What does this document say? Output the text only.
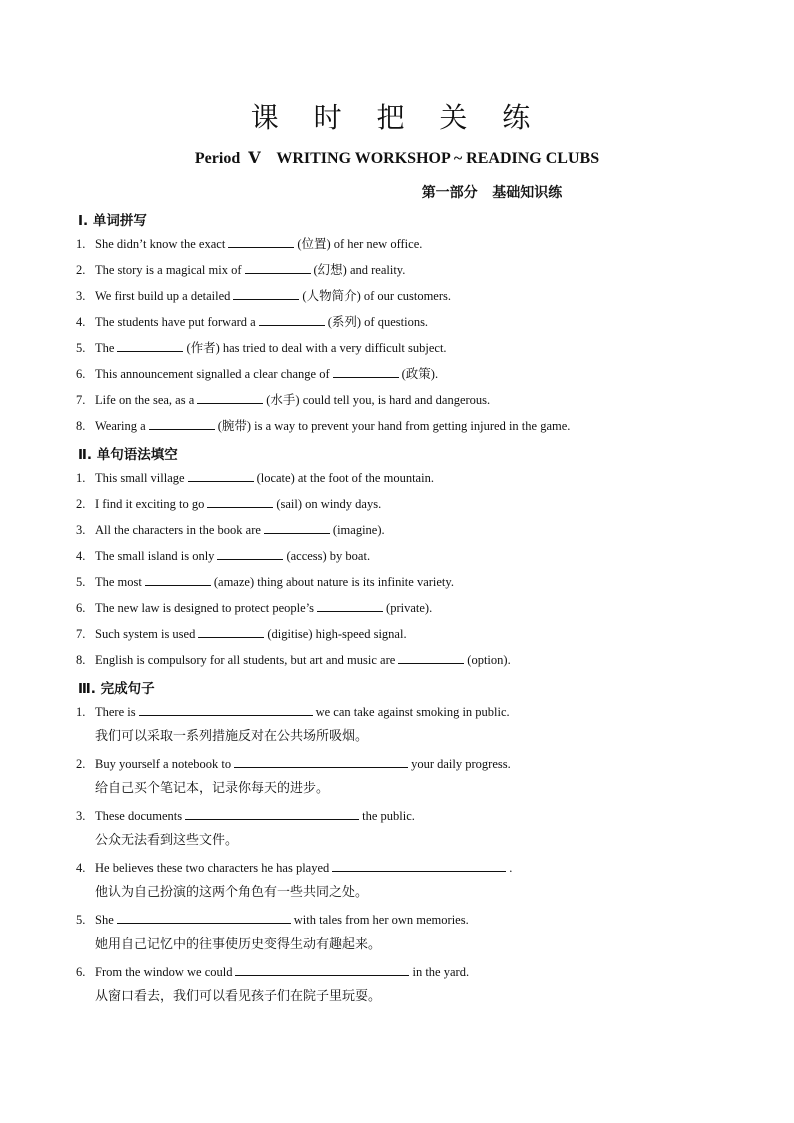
课 时 把 关 练
Period  Ⅴ    WRITING WORKSHOP ~ READING CLUBS
第一部分   基础知识练
Ⅰ. 单词拼写
1. She didn’t know the exact	(位置) of her new office.
2. The story is a magical mix of	(幻想) and reality.
3. We first build up a detailed	(人物简介) of our customers.
4. The students have put forward a	(系列) of questions.
5. The	(作者) has tried to deal with a very difficult subject.
6. This announcement signalled a clear change of	(政策).
7. Life on the sea, as a	(水手) could tell you, is hard and dangerous.
8. Wearing a	(腕带) is a way to prevent your hand from getting injured in the game.
Ⅱ. 单句语法填空
1. This small village	(locate) at the foot of the mountain.
2. I find it exciting to go	(sail) on windy days.
3. All the characters in the book are	(imagine).
4. The small island is only	(access) by boat.
5. The most	(amaze) thing about nature is its infinite variety.
6. The new law is designed to protect people’s	(private).
7. Such system is used	(digitise) high-speed signal.
8. English is compulsory for all students, but art and music are	(option).
Ⅲ. 完成句子
1. There is	we can take against smoking in public.
我们可以采取一系列措施反对在公共场所吸烟。
2. Buy yourself a notebook to	your daily progress.
给自己买个笔记本，记录你每天的进步。
3. These documents	the public.
公众无法看到这些文件。
4. He believes these two characters he has played	.
他认为自己扮演的这两个角色有一些共同之处。
5. She	with tales from her own memories.
她用自己记忆中的往事使历史变得生动有趣起来。
6. From the window we could	in the yard.
从窗口看去，我们可以看见孩子们在院子里玩耍。
